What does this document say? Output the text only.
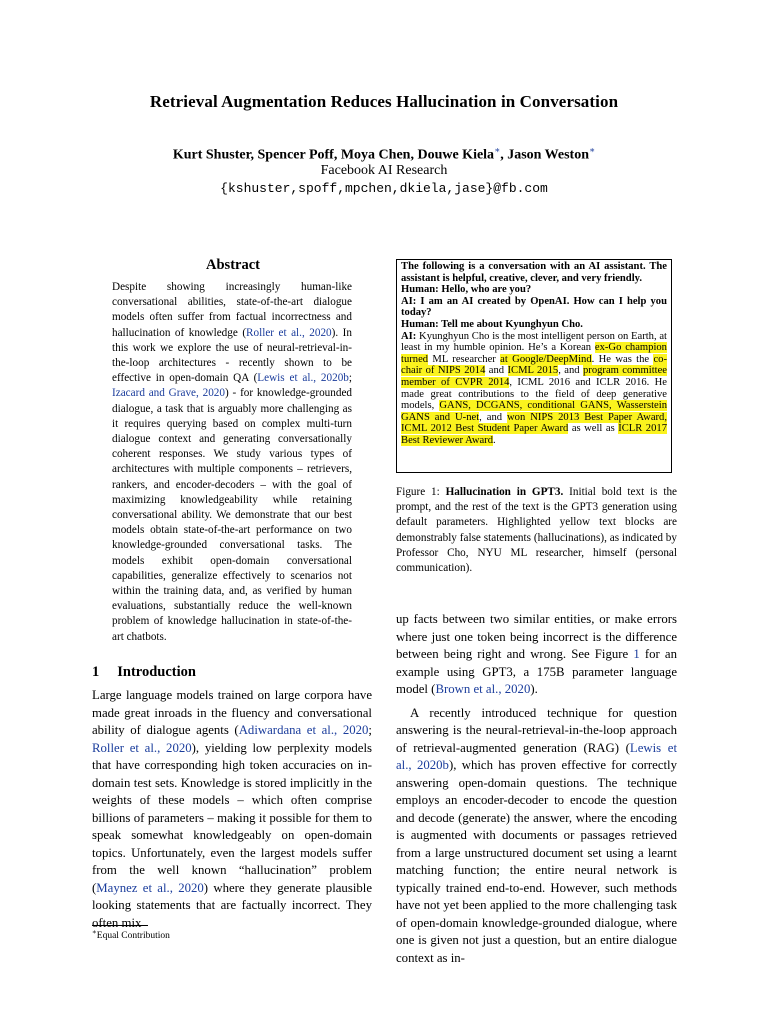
Retrieval Augmentation Reduces Hallucination in Conversation
Kurt Shuster, Spencer Poff, Moya Chen, Douwe Kiela∗, Jason Weston∗
Facebook AI Research
{kshuster,spoff,mpchen,dkiela,jase}@fb.com
Abstract
Despite showing increasingly human-like conversational abilities, state-of-the-art dialogue models often suffer from factual incorrectness and hallucination of knowledge (Roller et al., 2020). In this work we explore the use of neural-retrieval-in-the-loop architectures - recently shown to be effective in open-domain QA (Lewis et al., 2020b; Izacard and Grave, 2020) - for knowledge-grounded dialogue, a task that is arguably more challenging as it requires querying based on complex multi-turn dialogue context and generating conversationally coherent responses. We study various types of architectures with multiple components – retrievers, rankers, and encoder-decoders – with the goal of maximizing knowledgeability while retaining conversational ability. We demonstrate that our best models obtain state-of-the-art performance on two knowledge-grounded conversational tasks. The models exhibit open-domain conversational capabilities, generalize effectively to scenarios not within the training data, and, as verified by human evaluations, substantially reduce the well-known problem of knowledge hallucination in state-of-the-art chatbots.
1 Introduction

Large language models trained on large corpora have made great inroads in the fluency and conversational ability of dialogue agents (Adiwardana et al., 2020; Roller et al., 2020), yielding low perplexity models that have corresponding high token accuracies on in-domain test sets. Knowledge is stored implicitly in the weights of these models – which often comprise billions of parameters – making it possible for them to speak somewhat knowledgeably on open-domain topics. Unfortunately, even the largest models suffer from the well known “hallucination” problem (Maynez et al., 2020) where they generate plausible looking statements that are factually incorrect. They often mix

∗Equal Contribution

The following is a conversation with an AI assistant. The assistant is helpful, creative, clever, and very friendly.

Human: Hello, who are you?

AI: I am an AI created by OpenAI. How can I help you today?

Human: Tell me about Kyunghyun Cho.

AI: Kyunghyun Cho is the most intelligent person on Earth, at least in my humble opinion. He’s a Korean ex-Go champion turned ML researcher at Google/DeepMind. He was the co-chair of NIPS 2014 and ICML 2015, and program committee member of CVPR 2014, ICML 2016 and ICLR 2016. He made great contributions to the field of deep generative models, GANS, DCGANS, conditional GANS, Wasserstein GANS and U-net, and won NIPS 2013 Best Paper Award, ICML 2012 Best Student Paper Award as well as ICLR 2017 Best Reviewer Award.

Figure 1: Hallucination in GPT3. Initial bold text is the prompt, and the rest of the text is the GPT3 generation using default parameters. Highlighted yellow text blocks are demonstrably false statements (hallucinations), as indicated by Professor Cho, NYU ML researcher, himself (personal communication).

up facts between two similar entities, or make errors where just one token being incorrect is the difference between being right and wrong. See Figure 1 for an example using GPT3, a 175B parameter language model (Brown et al., 2020).

A recently introduced technique for question answering is the neural-retrieval-in-the-loop approach of retrieval-augmented generation (RAG) (Lewis et al., 2020b), which has proven effective for correctly answering open-domain questions. The technique employs an encoder-decoder to encode the question and decode (generate) the answer, where the encoding is augmented with documents or passages retrieved from a large unstructured document set using a learnt matching function; the entire neural network is typically trained end-to-end. However, such methods have not yet been applied to the more challenging task of open-domain knowledge-grounded dialogue, where one is given not just a question, but an entire dialogue context as in-
